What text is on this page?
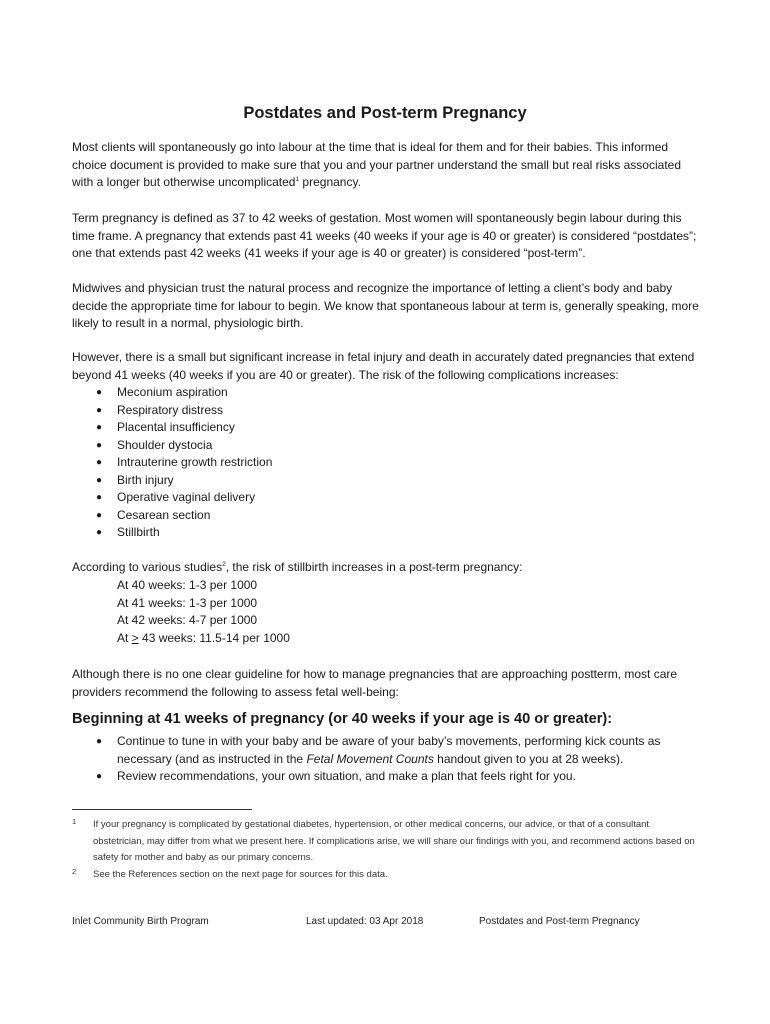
Postdates and Post-term Pregnancy

Most clients will spontaneously go into labour at the time that is ideal for them and for their babies. This informed choice document is provided to make sure that you and your partner understand the small but real risks associated with a longer but otherwise uncomplicated$^1$ pregnancy.

Term pregnancy is defined as 37 to 42 weeks of gestation. Most women will spontaneously begin labour during this time frame. A pregnancy that extends past 41 weeks (40 weeks if your age is 40 or greater) is considered “postdates”; one that extends past 42 weeks (41 weeks if your age is 40 or greater) is considered “post-term”.

Midwives and physician trust the natural process and recognize the importance of letting a client’s body and baby decide the appropriate time for labour to begin. We know that spontaneous labour at term is, generally speaking, more likely to result in a normal, physiologic birth.

However, there is a small but significant increase in fetal injury and death in accurately dated pregnancies that extend beyond 41 weeks (40 weeks if you are 40 or greater). The risk of the following complications increases:

● Meconium aspiration
● Respiratory distress
● Placental insufficiency
● Shoulder dystocia
● Intrauterine growth restriction
● Birth injury
● Operative vaginal delivery
● Cesarean section
● Stillbirth

According to various studies$^2$, the risk of stillbirth increases in a post-term pregnancy:

At 40 weeks: 1-3 per 1000
At 41 weeks: 1-3 per 1000
At 42 weeks: 4-7 per 1000
At > 43 weeks: 11.5-14 per 1000

Although there is no one clear guideline for how to manage pregnancies that are approaching postterm, most care providers recommend the following to assess fetal well-being:

Beginning at 41 weeks of pregnancy (or 40 weeks if your age is 40 or greater):
● Continue to tune in with your baby and be aware of your baby’s movements, performing kick counts as necessary (and as instructed in the Fetal Movement Counts handout given to you at 28 weeks).
● Review recommendations, your own situation, and make a plan that feels right for you.
1 If your pregnancy is complicated by gestational diabetes, hypertension, or other medical concerns, our advice, or that of a consultant obstetrician, may differ from what we present here. If complications arise, we will share our findings with you, and recommend actions based on safety for mother and baby as our primary concerns.
2 See the References section on the next page for sources for this data.
Inlet Community Birth Program	Last updated: 03 Apr 2018	Postdates and Post-term Pregnancy
